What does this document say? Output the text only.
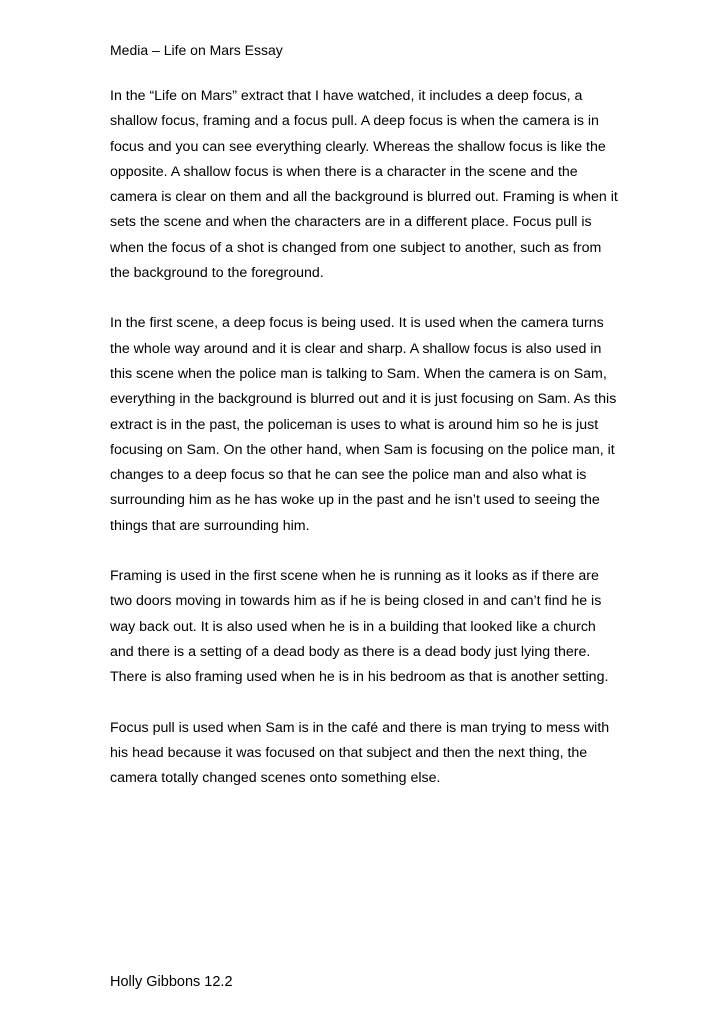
Media – Life on Mars Essay

In the “Life on Mars” extract that I have watched, it includes a deep focus, a shallow focus, framing and a focus pull. A deep focus is when the camera is in focus and you can see everything clearly. Whereas the shallow focus is like the opposite. A shallow focus is when there is a character in the scene and the camera is clear on them and all the background is blurred out. Framing is when it sets the scene and when the characters are in a different place. Focus pull is when the focus of a shot is changed from one subject to another, such as from the background to the foreground.

In the first scene, a deep focus is being used. It is used when the camera turns the whole way around and it is clear and sharp. A shallow focus is also used in this scene when the police man is talking to Sam. When the camera is on Sam, everything in the background is blurred out and it is just focusing on Sam. As this extract is in the past, the policeman is uses to what is around him so he is just focusing on Sam. On the other hand, when Sam is focusing on the police man, it changes to a deep focus so that he can see the police man and also what is surrounding him as he has woke up in the past and he isn’t used to seeing the things that are surrounding him.

Framing is used in the first scene when he is running as it looks as if there are two doors moving in towards him as if he is being closed in and can’t find he is way back out. It is also used when he is in a building that looked like a church and there is a setting of a dead body as there is a dead body just lying there. There is also framing used when he is in his bedroom as that is another setting.

Focus pull is used when Sam is in the café and there is man trying to mess with his head because it was focused on that subject and then the next thing, the camera totally changed scenes onto something else.

Holly Gibbons 12.2
